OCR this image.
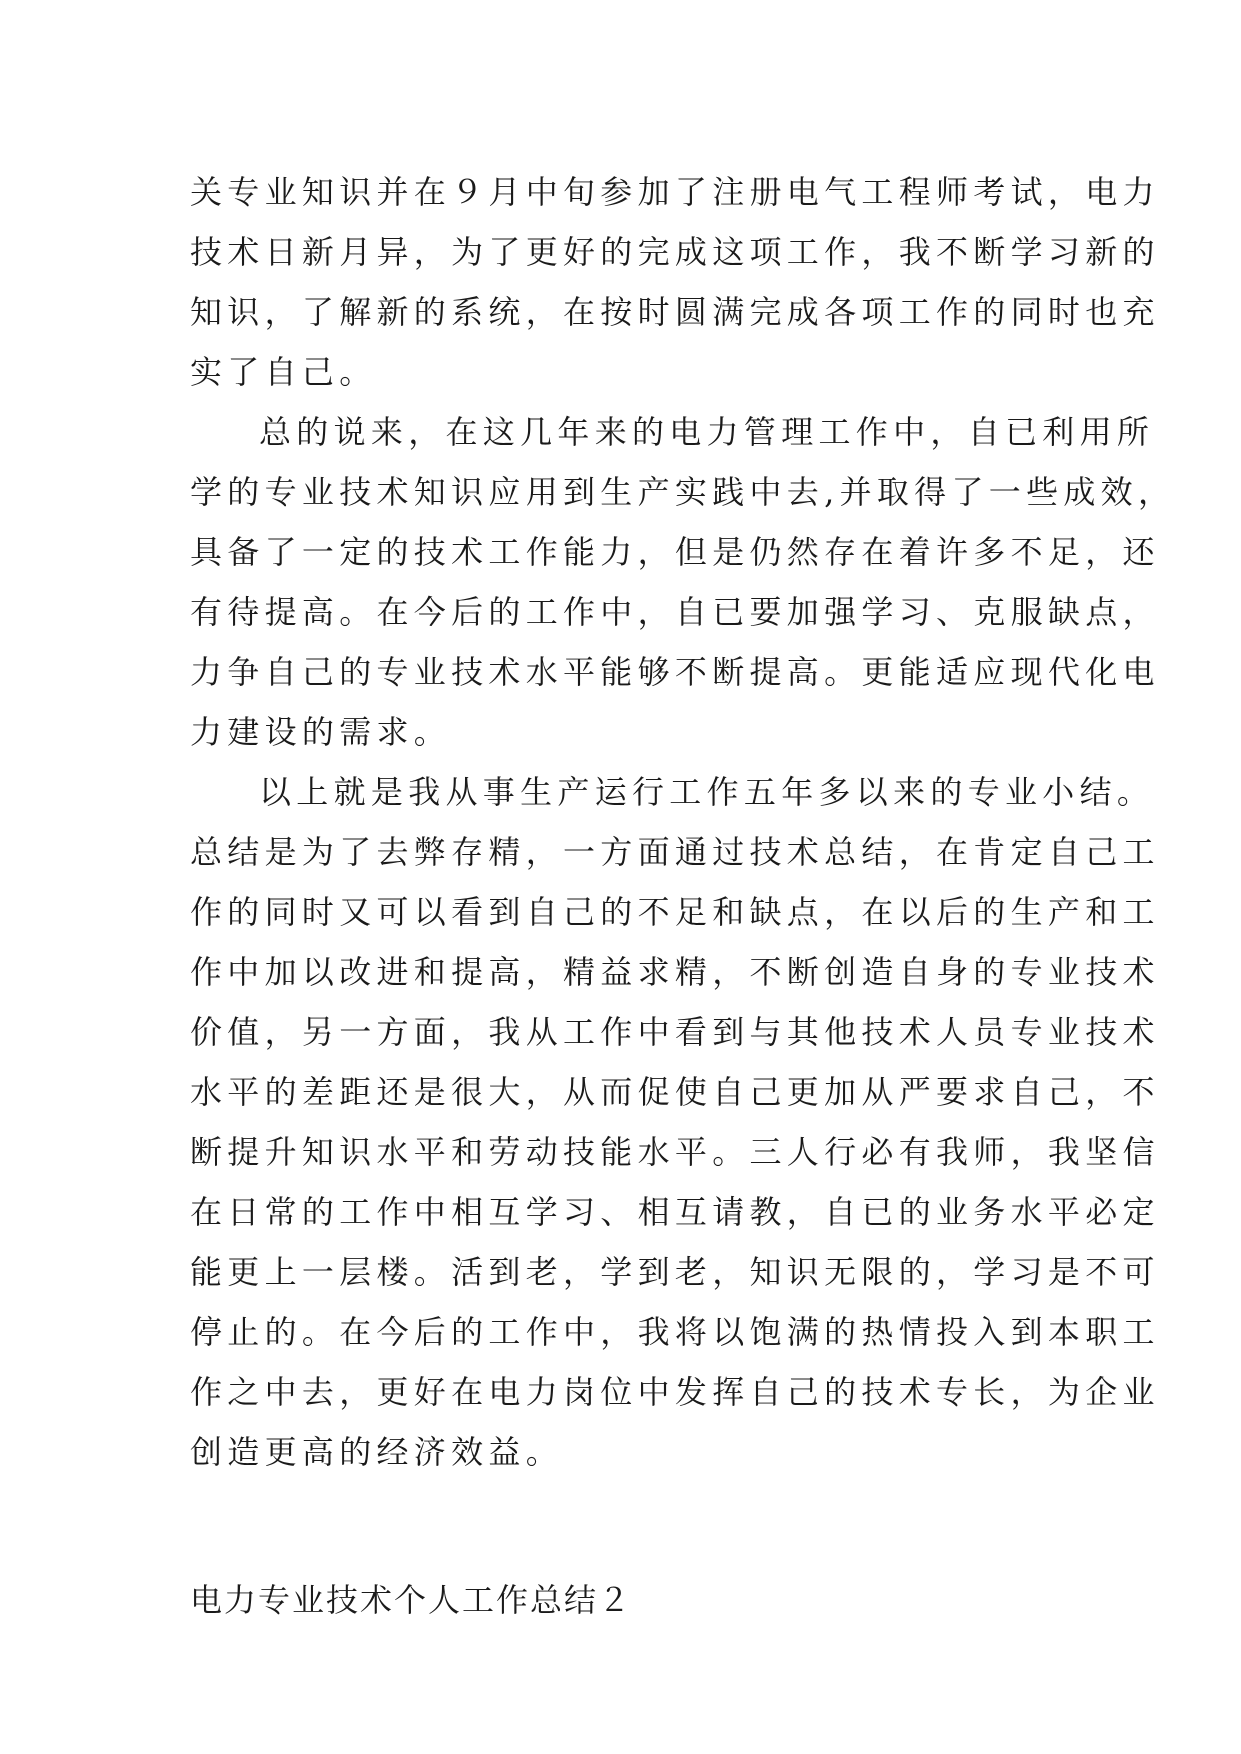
关专业知识并在９月中旬参加了注册电气工程师考试，电力
技术日新月异，为了更好的完成这项工作，我不断学习新的
知识，了解新的系统，在按时圆满完成各项工作的同时也充
实了自己。
总的说来，在这几年来的电力管理工作中，自已利用所
学的专业技术知识应用到生产实践中去,并取得了一些成效，
具备了一定的技术工作能力，但是仍然存在着许多不足，还
有待提高。在今后的工作中，自已要加强学习、克服缺点，
力争自己的专业技术水平能够不断提高。更能适应现代化电
力建设的需求。
以上就是我从事生产运行工作五年多以来的专业小结。
总结是为了去弊存精，一方面通过技术总结，在肯定自己工
作的同时又可以看到自己的不足和缺点，在以后的生产和工
作中加以改进和提高，精益求精，不断创造自身的专业技术
价值，另一方面，我从工作中看到与其他技术人员专业技术
水平的差距还是很大，从而促使自己更加从严要求自己，不
断提升知识水平和劳动技能水平。三人行必有我师，我坚信
在日常的工作中相互学习、相互请教，自已的业务水平必定
能更上一层楼。活到老，学到老，知识无限的，学习是不可
停止的。在今后的工作中，我将以饱满的热情投入到本职工
作之中去，更好在电力岗位中发挥自己的技术专长，为企业
创造更高的经济效益。
电力专业技术个人工作总结２
